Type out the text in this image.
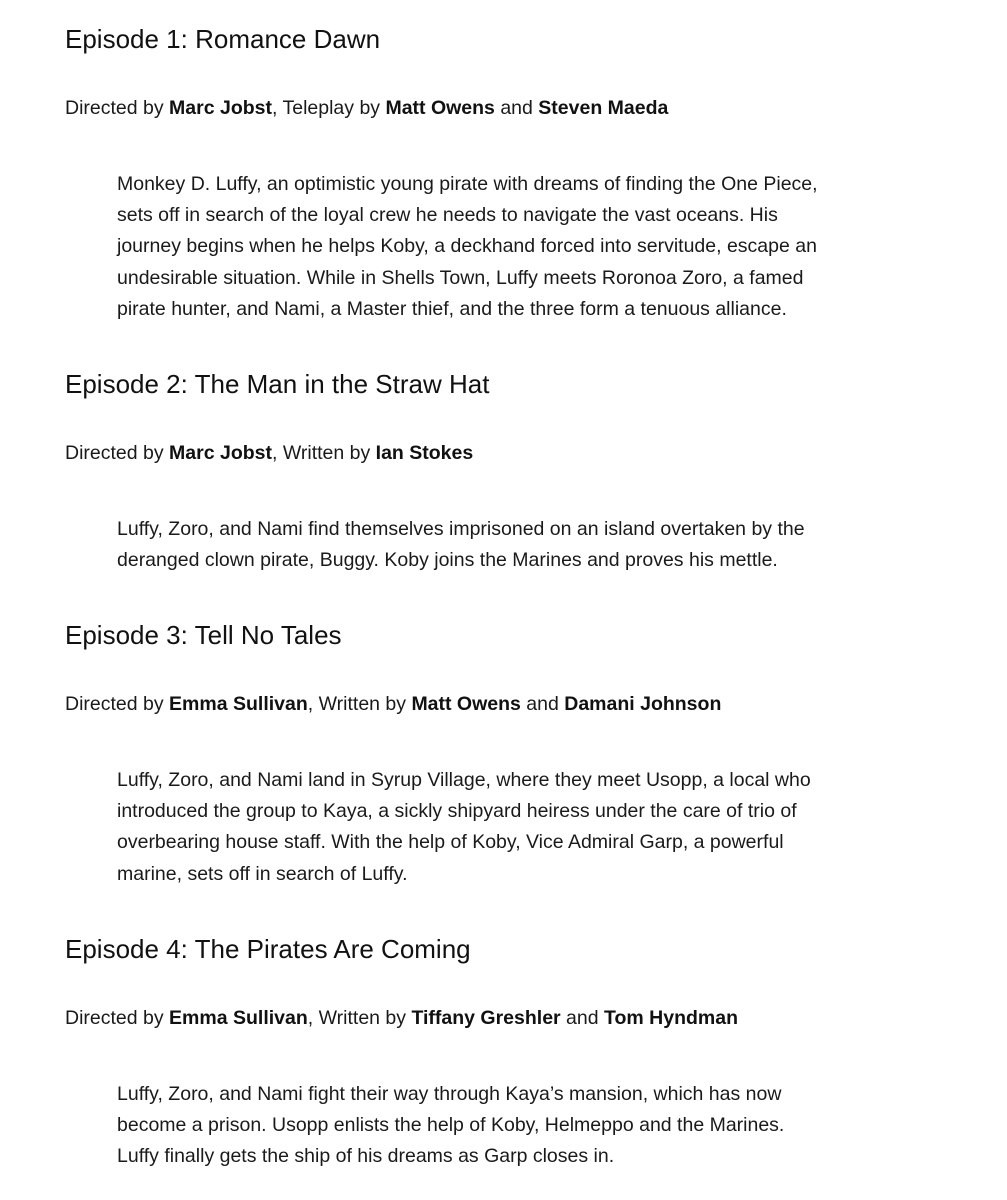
Episode 1: Romance Dawn

Directed by Marc Jobst, Teleplay by Matt Owens and Steven Maeda

Monkey D. Luffy, an optimistic young pirate with dreams of finding the One Piece,
sets off in search of the loyal crew he needs to navigate the vast oceans. His
journey begins when he helps Koby, a deckhand forced into servitude, escape an
undesirable situation. While in Shells Town, Luffy meets Roronoa Zoro, a famed
pirate hunter, and Nami, a Master thief, and the three form a tenuous alliance.

Episode 2: The Man in the Straw Hat

Directed by Marc Jobst, Written by Ian Stokes

Luffy, Zoro, and Nami find themselves imprisoned on an island overtaken by the
deranged clown pirate, Buggy. Koby joins the Marines and proves his mettle.

Episode 3: Tell No Tales

Directed by Emma Sullivan, Written by Matt Owens and Damani Johnson

Luffy, Zoro, and Nami land in Syrup Village, where they meet Usopp, a local who
introduced the group to Kaya, a sickly shipyard heiress under the care of trio of
overbearing house staff. With the help of Koby, Vice Admiral Garp, a powerful
marine, sets off in search of Luffy.

Episode 4: The Pirates Are Coming

Directed by Emma Sullivan, Written by Tiffany Greshler and Tom Hyndman

Luffy, Zoro, and Nami fight their way through Kaya’s mansion, which has now
become a prison. Usopp enlists the help of Koby, Helmeppo and the Marines.
Luffy finally gets the ship of his dreams as Garp closes in.
